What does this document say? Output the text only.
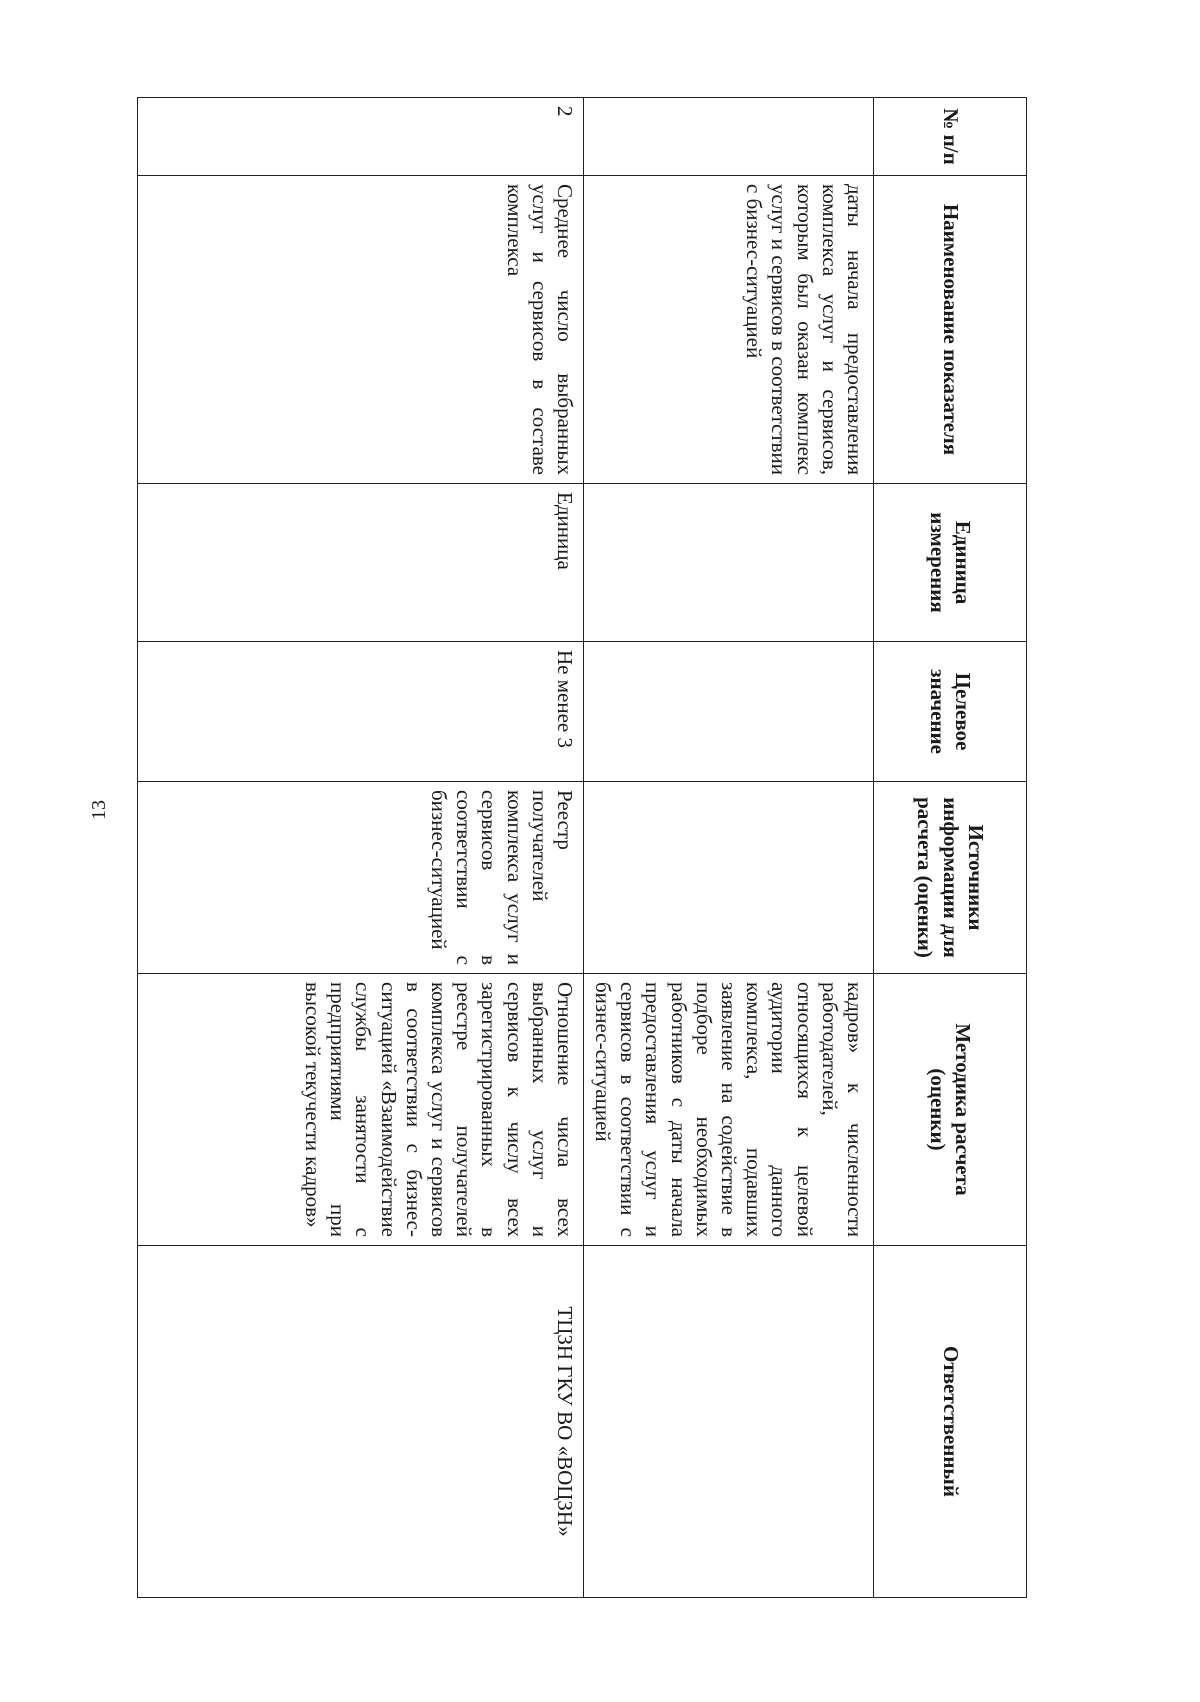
13
№ п/п	Наименование показателя	Единица измерения	Целевое значение	Источники информации для расчета (оценки)	Методика расчета (оценки)	Ответственный
	даты начала предоставления комплекса услуг и сервисов, которым был оказан комплекс услуг и сервисов в соответствии с бизнес-ситуацией				кадров» к численности работодателей, относящихся к целевой аудитории данного комплекса, подавших заявление на содействие в подборе необходимых работников с даты начала предоставления услуг и сервисов в соответствии с бизнес-ситуацией	
2	Среднее число выбранных услуг и сервисов в составе комплекса	Единица	Не менее 3	Реестр получателей комплекса услуг и сервисов в соответствии с бизнес-ситуацией	Отношение числа всех выбранных услуг и сервисов к числу всех зарегистрированных в реестре получателей комплекса услуг и сервисов в соответствии с бизнес-ситуацией «Взаимодействие службы занятости с предприятиями при высокой текучести кадров»	ТЦЗН ГКУ ВО «ВОЦЗН»
